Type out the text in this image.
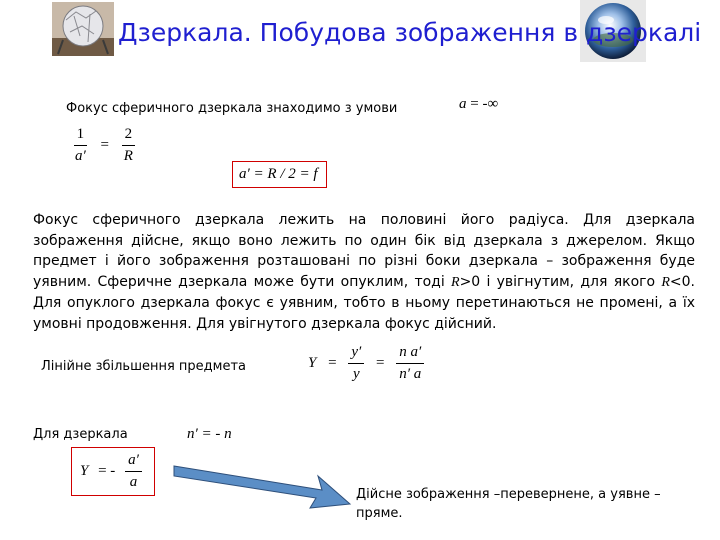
Дзеркала. Побудова зображення в дзеркалі
Фокус сферичного дзеркала знаходимо з умови	a = -∞
$\frac{1}{a'} = \frac{2}{R}$
a′ = R / 2 = f
Фокус сферичного дзеркала лежить на половині його радіуса. Для дзеркала зображення дійсне, якщо воно лежить по один бік від дзеркала з джерелом. Якщо предмет і його зображення розташовані по різні боки дзеркала – зображення буде уявним. Сферичне дзеркала може бути опуклим, тоді R>0 і увігнутим, для якого R<0. Для опуклого дзеркала фокус є уявним, тобто в ньому перетинаються не промені, а їх умовні продовження. Для увігнутого дзеркала фокус дійсний.
Лінійне збільшення предмета	$Y = \frac{y'}{y} = \frac{\text{n a′}}{n' a}$
Для дзеркала	n′ = - n
Y = - $\frac{a'}{a}$
Дійсне зображення –перевернене, а уявне – пряме.
